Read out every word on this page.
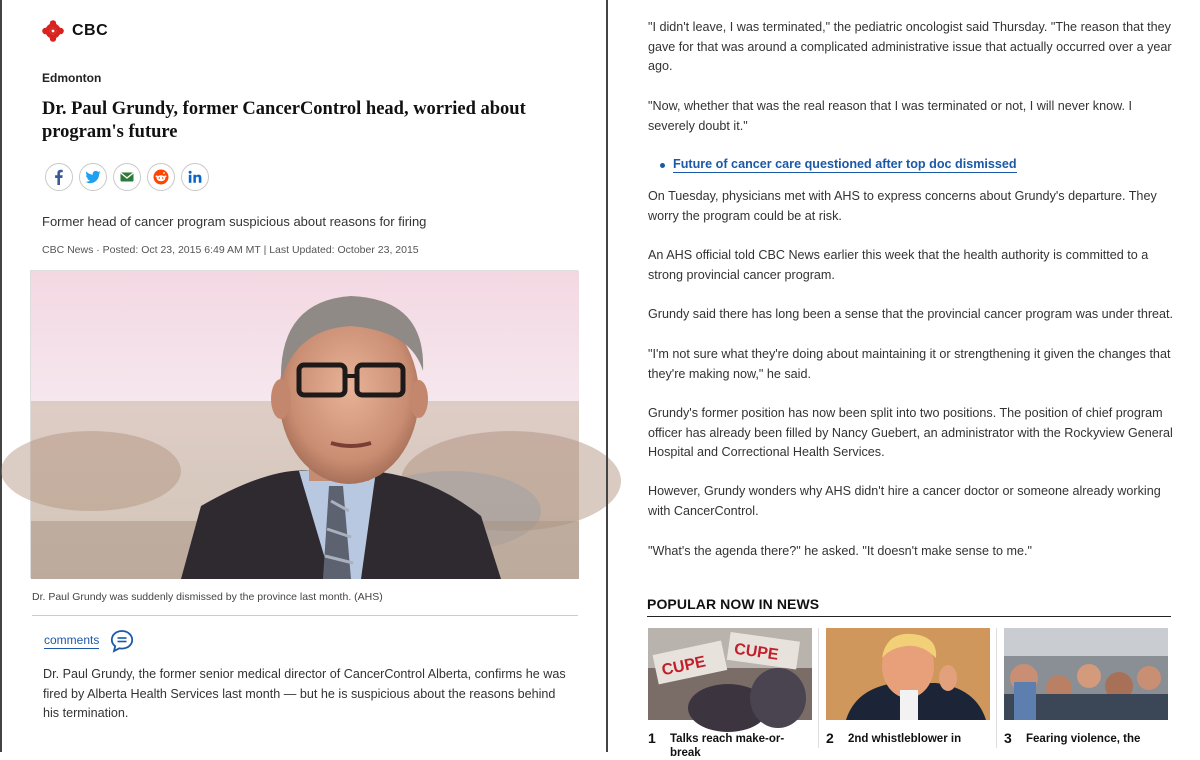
CBC
Edmonton
Dr. Paul Grundy, former CancerControl head, worried about program's future
Former head of cancer program suspicious about reasons for firing
CBC News · Posted: Oct 23, 2015 6:49 AM MT | Last Updated: October 23, 2015
Dr. Paul Grundy was suddenly dismissed by the province last month. (AHS)
comments

Dr. Paul Grundy, the former senior medical director of CancerControl Alberta, confirms he was fired by Alberta Health Services last month — but he is suspicious about the reasons behind his termination.

"I didn't leave, I was terminated," the pediatric oncologist said Thursday. "The reason that they gave for that was around a complicated administrative issue that actually occurred over a year ago.

"Now, whether that was the real reason that I was terminated or not, I will never know. I severely doubt it."

Future of cancer care questioned after top doc dismissed

On Tuesday, physicians met with AHS to express concerns about Grundy's departure. They worry the program could be at risk.

An AHS official told CBC News earlier this week that the health authority is committed to a strong provincial cancer program.

Grundy said there has long been a sense that the provincial cancer program was under threat.

"I'm not sure what they're doing about maintaining it or strengthening it given the changes that they're making now," he said.

Grundy's former position has now been split into two positions. The position of chief program officer has already been filled by Nancy Guebert, an administrator with the Rockyview General Hospital and Correctional Health Services.

However, Grundy wonders why AHS didn't hire a cancer doctor or someone already working with CancerControl.

"What's the agenda there?" he asked. "It doesn't make sense to me."

POPULAR NOW IN NEWS
CUPE
CUPE
1 Talks reach make-or-break
2 2nd whistleblower in	3 Fearing violence, the
